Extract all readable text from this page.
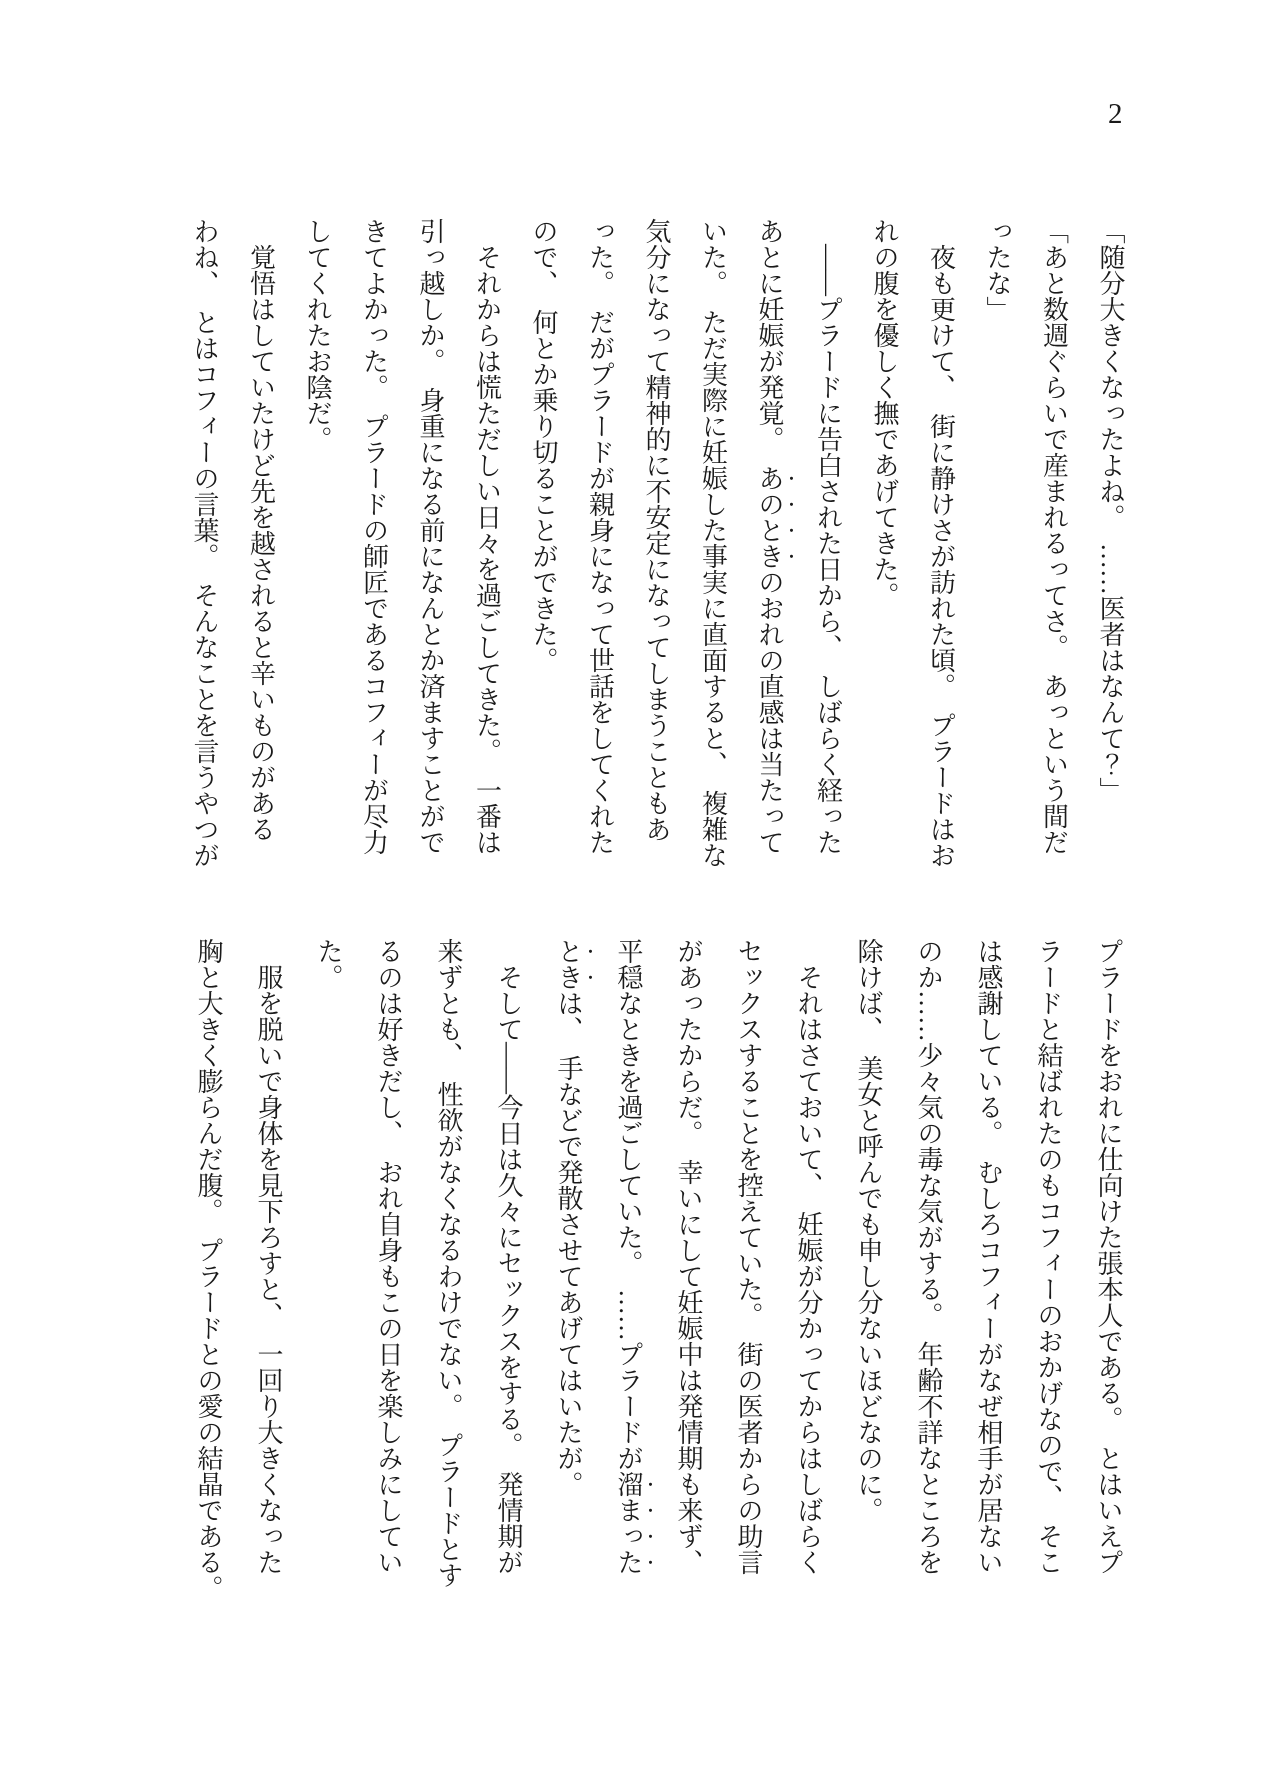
2

「随分大きくなったよね。　……医者はなんて？」

「あと数週ぐらいで産まれるってさ。　あっという間だ

ったな」

夜も更けて、　街に静けさが訪れた頃。　プラードはお

れの腹を優しく撫であげてきた。

——プラードに告白された日から、　しばらく経った

あとに妊娠が発覚。　あのときのおれの直感は当たって

いた。　ただ実際に妊娠した事実に直面すると、　複雑な

気分になって精神的に不安定になってしまうこともあ

った。　だがプラードが親身になって世話をしてくれた

ので、　何とか乗り切ることができた。

それからは慌ただしい日々を過ごしてきた。　一番は

引っ越しか。　身重になる前になんとか済ますことがで

きてよかった。　プラードの師匠であるコフィーが尽力

してくれたお陰だ。

覚悟はしていたけど先を越されると辛いものがある

わね、　とはコフィーの言葉。　そんなことを言うやつが

プラードをおれに仕向けた張本人である。　とはいえプ

ラードと結ばれたのもコフィーのおかげなので、　そこ

は感謝している。　むしろコフィーがなぜ相手が居ない

のか……少々気の毒な気がする。　年齢不詳なところを

除けば、　美女と呼んでも申し分ないほどなのに。

それはさておいて、　妊娠が分かってからはしばらく

セックスすることを控えていた。　街の医者からの助言

があったからだ。　幸いにして妊娠中は発情期も来ず、

平穏なときを過ごしていた。　……プラードが溜まった

ときは、　手などで発散させてあげてはいたが。

そして——今日は久々にセックスをする。　発情期が

来ずとも、　性欲がなくなるわけでない。　プラードとす

るのは好きだし、　おれ自身もこの日を楽しみにしてい

た。

服を脱いで身体を見下ろすと、　一回り大きくなった

胸と大きく膨らんだ腹。　プラードとの愛の結晶である。
